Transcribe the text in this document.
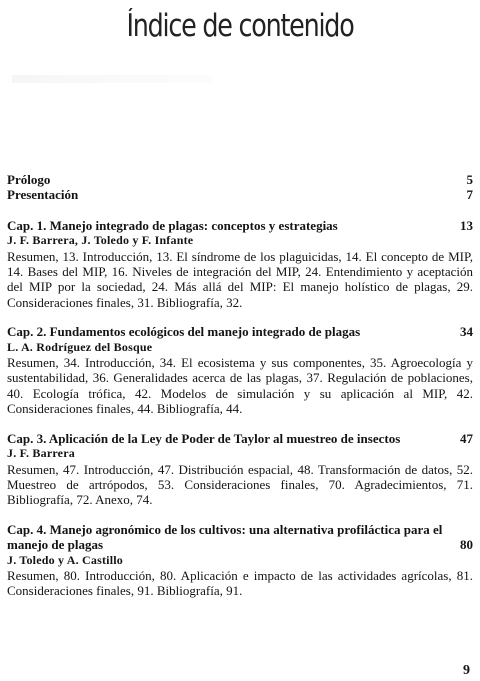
Índice de contenido
Prólogo	5
Presentación	7
Cap. 1. Manejo integrado de plagas: conceptos y estrategias	13
J. F. Barrera, J. Toledo y F. Infante
Resumen, 13. Introducción, 13. El síndrome de los plaguicidas, 14. El concepto de MIP, 14. Bases del MIP, 16. Niveles de integración del MIP, 24. Entendimiento y aceptación del MIP por la sociedad, 24. Más allá del MIP: El manejo holístico de plagas, 29. Consideraciones finales, 31. Bibliografía, 32.
Cap. 2. Fundamentos ecológicos del manejo integrado de plagas	34
L. A. Rodríguez del Bosque
Resumen, 34. Introducción, 34. El ecosistema y sus componentes, 35. Agroecología y sustentabilidad, 36. Generalidades acerca de las plagas, 37. Regulación de poblaciones, 40. Ecología trófica, 42. Modelos de simulación y su aplicación al MIP, 42. Consideraciones finales, 44. Bibliografía, 44.
Cap. 3. Aplicación de la Ley de Poder de Taylor al muestreo de insectos	47
J. F. Barrera
Resumen, 47. Introducción, 47. Distribución espacial, 48. Transformación de datos, 52. Muestreo de artrópodos, 53. Consideraciones finales, 70. Agradecimientos, 71. Bibliografía, 72. Anexo, 74.
Cap. 4. Manejo agronómico de los cultivos: una alternativa profiláctica para el manejo de plagas	80
J. Toledo y A. Castillo
Resumen, 80. Introducción, 80. Aplicación e impacto de las actividades agrícolas, 81. Consideraciones finales, 91. Bibliografía, 91.
9
